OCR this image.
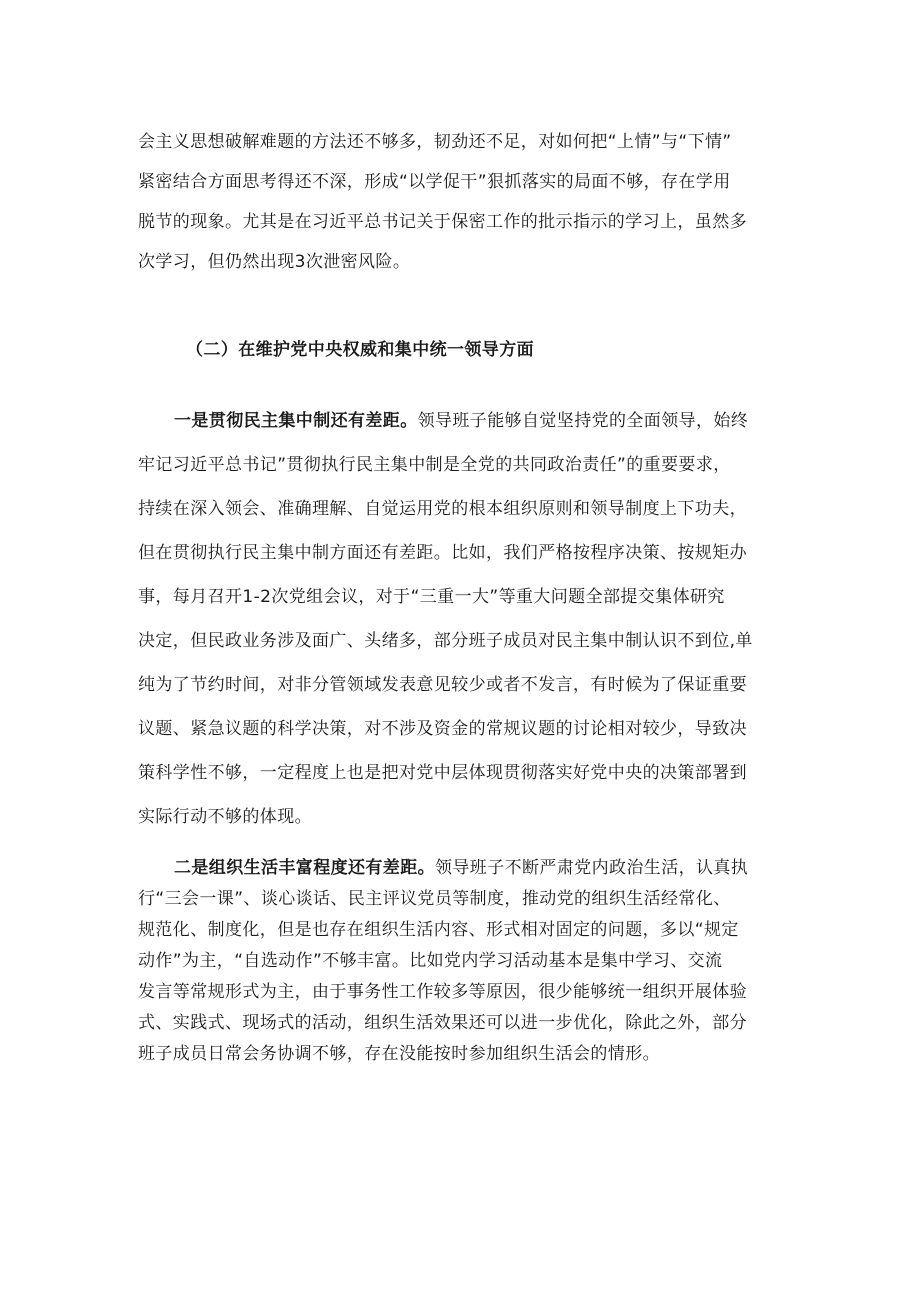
会主义思想破解难题的方法还不够多，韧劲还不足，对如何把“上情”与“下情”
紧密结合方面思考得还不深，形成“以学促干”狠抓落实的局面不够，存在学用
脱节的现象。尤其是在习近平总书记关于保密工作的批示指示的学习上，虽然多
次学习，但仍然出现3次泄密风险。
（二）在维护党中央权威和集中统一领导方面
一是贯彻民主集中制还有差距。领导班子能够自觉坚持党的全面领导，始终
牢记习近平总书记”贯彻执行民主集中制是全党的共同政治责任”的重要要求，
持续在深入领会、准确理解、自觉运用党的根本组织原则和领导制度上下功夫，
但在贯彻执行民主集中制方面还有差距。比如，我们严格按程序决策、按规矩办
事，每月召开1-2次党组会议，对于“三重一大”等重大问题全部提交集体研究
决定，但民政业务涉及面广、头绪多，部分班子成员对民主集中制认识不到位,单
纯为了节约时间，对非分管领域发表意见较少或者不发言，有时候为了保证重要
议题、紧急议题的科学决策，对不涉及资金的常规议题的讨论相对较少，导致决
策科学性不够，一定程度上也是把对党中层体现贯彻落实好党中央的决策部署到
实际行动不够的体现。
二是组织生活丰富程度还有差距。领导班子不断严肃党内政治生活，认真执
行“三会一课”、谈心谈话、民主评议党员等制度，推动党的组织生活经常化、
规范化、制度化，但是也存在组织生活内容、形式相对固定的问题，多以“规定
动作”为主，“自选动作”不够丰富。比如党内学习活动基本是集中学习、交流
发言等常规形式为主，由于事务性工作较多等原因，很少能够统一组织开展体验
式、实践式、现场式的活动，组织生活效果还可以进一步优化，除此之外，部分
班子成员日常会务协调不够，存在没能按时参加组织生活会的情形。
